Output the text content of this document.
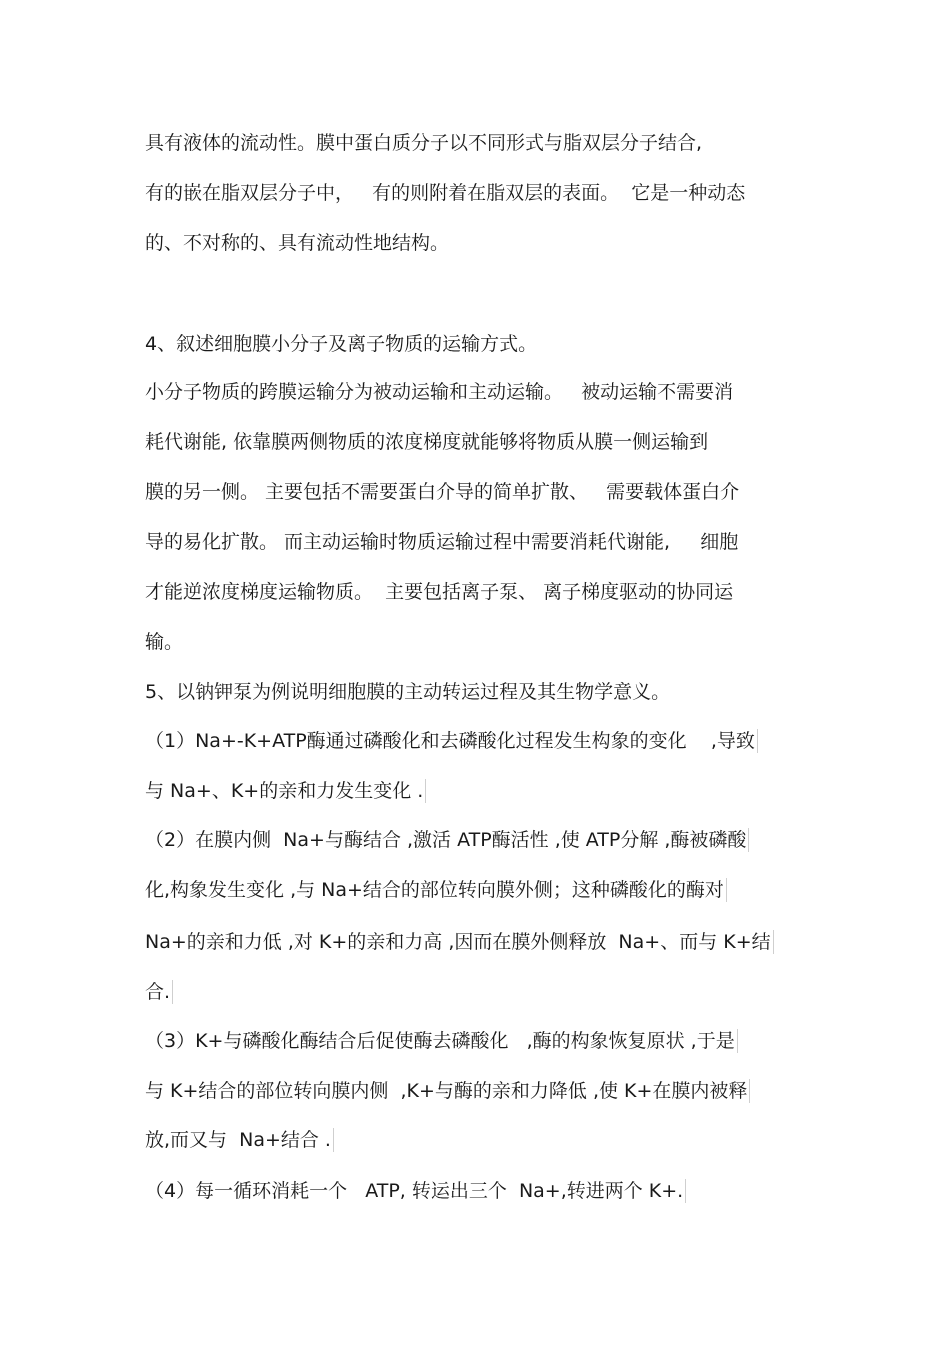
具有液体的流动性。膜中蛋白质分子以不同形式与脂双层分子结合,
有的嵌在脂双层分子中，   有的则附着在脂双层的表面。  它是一种动态
的、不对称的、具有流动性地结构。
4、叙述细胞膜小分子及离子物质的运输方式。
小分子物质的跨膜运输分为被动运输和主动运输。   被动运输不需要消
耗代谢能, 依靠膜两侧物质的浓度梯度就能够将物质从膜一侧运输到
膜的另一侧。 主要包括不需要蛋白介导的简单扩散、   需要载体蛋白介
导的易化扩散。 而主动运输时物质运输过程中需要消耗代谢能,     细胞
才能逆浓度梯度运输物质。  主要包括离子泵、 离子梯度驱动的协同运
输。
5、以钠钾泵为例说明细胞膜的主动转运过程及其生物学意义。
（1）Na+-K+ATP酶通过磷酸化和去磷酸化过程发生构象的变化    ,导致
与 Na+、K+的亲和力发生变化 .
（2）在膜内侧  Na+与酶结合 ,激活 ATP酶活性 ,使 ATP分解 ,酶被磷酸
化,构象发生变化 ,与 Na+结合的部位转向膜外侧；这种磷酸化的酶对
Na+的亲和力低 ,对 K+的亲和力高 ,因而在膜外侧释放  Na+、而与 K+结
合.
（3）K+与磷酸化酶结合后促使酶去磷酸化   ,酶的构象恢复原状 ,于是
与 K+结合的部位转向膜内侧  ,K+与酶的亲和力降低 ,使 K+在膜内被释
放,而又与  Na+结合 .
（4）每一循环消耗一个   ATP, 转运出三个  Na+,转进两个 K+.
